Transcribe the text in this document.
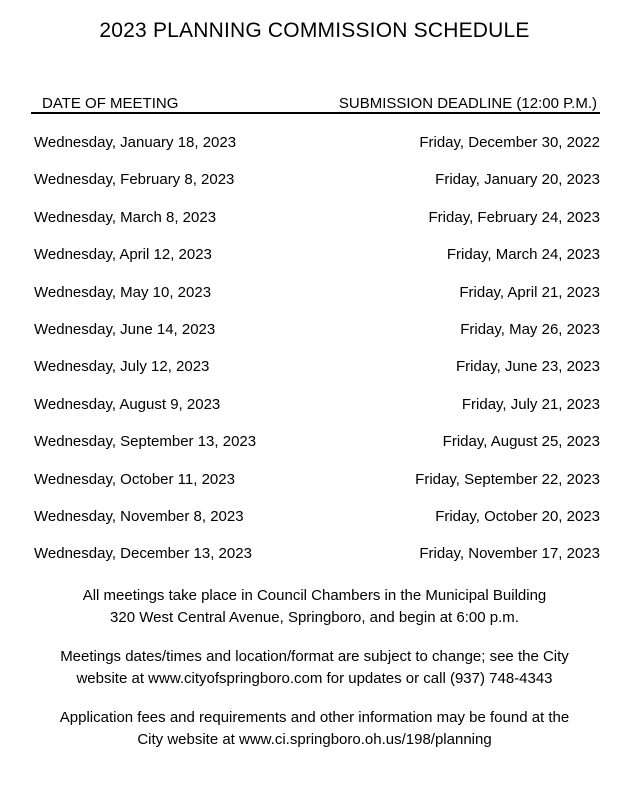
2023 PLANNING COMMISSION SCHEDULE
DATE OF MEETING	SUBMISSION DEADLINE (12:00 P.M.)
Wednesday, January 18, 2023	Friday, December 30, 2022
Wednesday, February 8, 2023	Friday, January 20, 2023
Wednesday, March 8, 2023	Friday, February 24, 2023
Wednesday, April 12, 2023	Friday, March 24, 2023
Wednesday, May 10, 2023	Friday, April 21, 2023
Wednesday, June 14, 2023	Friday, May 26, 2023
Wednesday, July 12, 2023	Friday, June 23, 2023
Wednesday, August 9, 2023	Friday, July 21, 2023
Wednesday, September 13, 2023	Friday, August 25, 2023
Wednesday, October 11, 2023	Friday, September 22, 2023
Wednesday, November 8, 2023	Friday, October 20, 2023
Wednesday, December 13, 2023	Friday, November 17, 2023
All meetings take place in Council Chambers in the Municipal Building
320 West Central Avenue, Springboro, and begin at 6:00 p.m.
Meetings dates/times and location/format are subject to change; see the City
website at www.cityofspringboro.com for updates or call (937) 748-4343
Application fees and requirements and other information may be found at the
City website at www.ci.springboro.oh.us/198/planning
